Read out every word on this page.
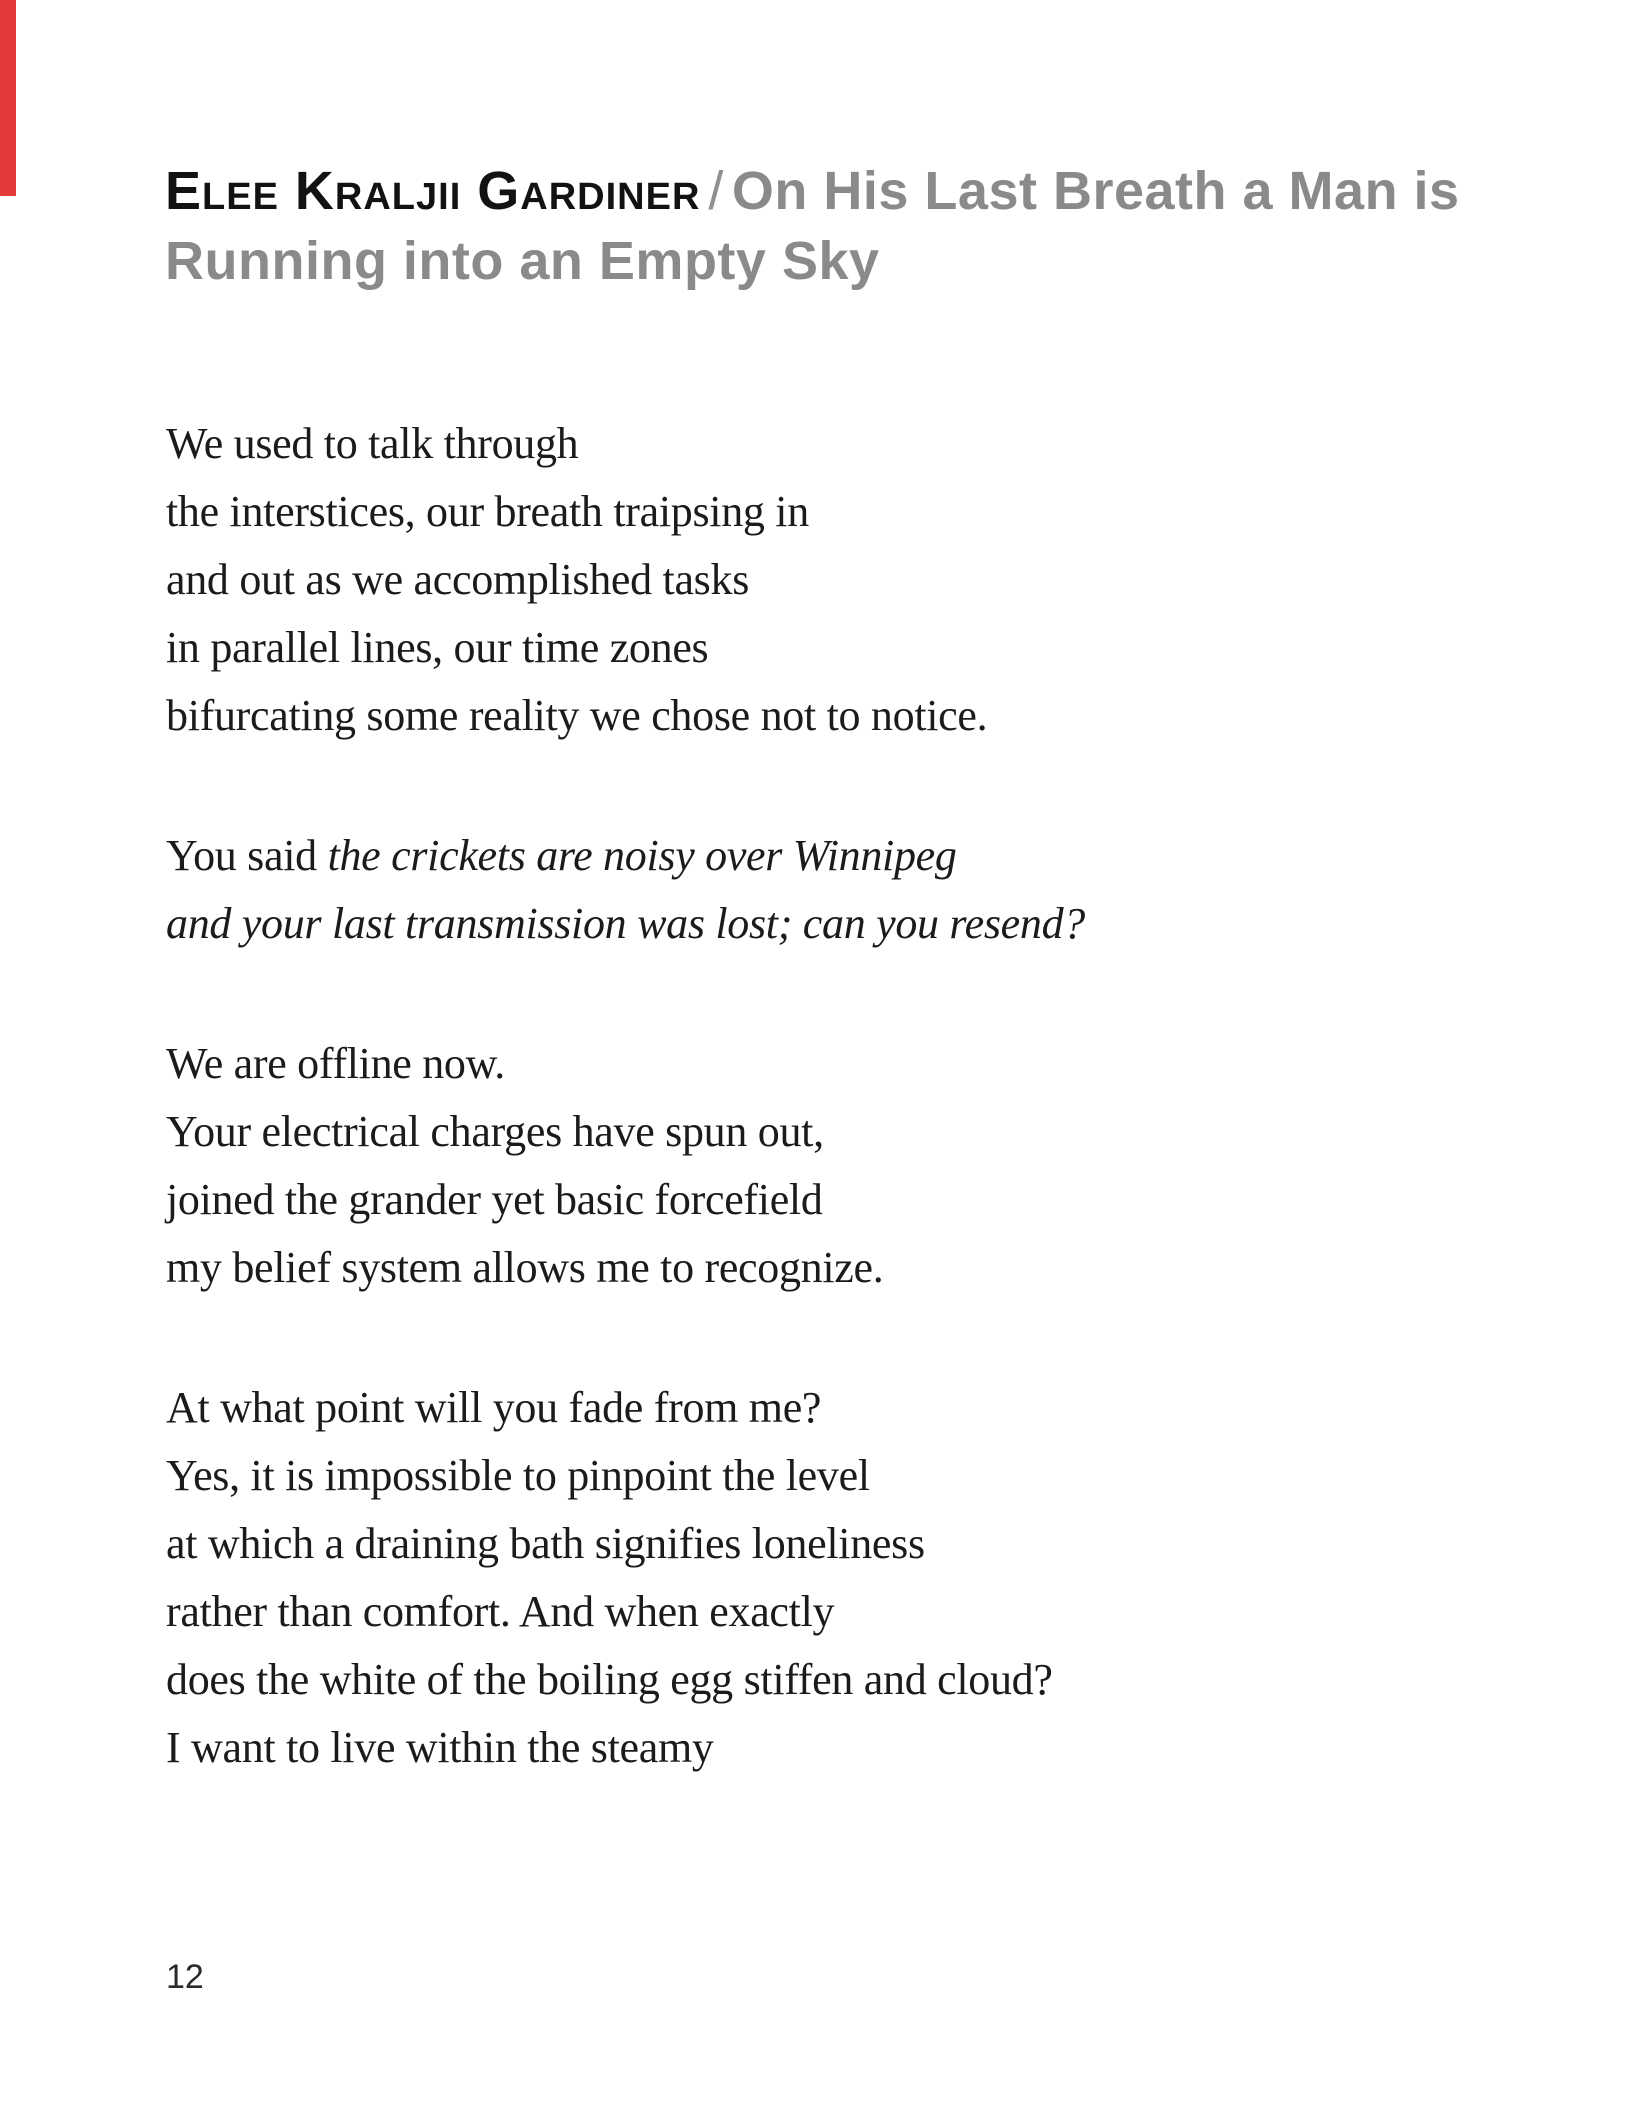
Elee Kraljii Gardiner / On His Last Breath a Man is
Running into an Empty Sky
We used to talk through
the interstices, our breath traipsing in
and out as we accomplished tasks
in parallel lines, our time zones
bifurcating some reality we chose not to notice.
You said the crickets are noisy over Winnipeg
and your last transmission was lost; can you resend?
We are offline now.
Your electrical charges have spun out,
joined the grander yet basic forcefield
my belief system allows me to recognize.
At what point will you fade from me?
Yes, it is impossible to pinpoint the level
at which a draining bath signifies loneliness
rather than comfort. And when exactly
does the white of the boiling egg stiffen and cloud?
I want to live within the steamy
12
